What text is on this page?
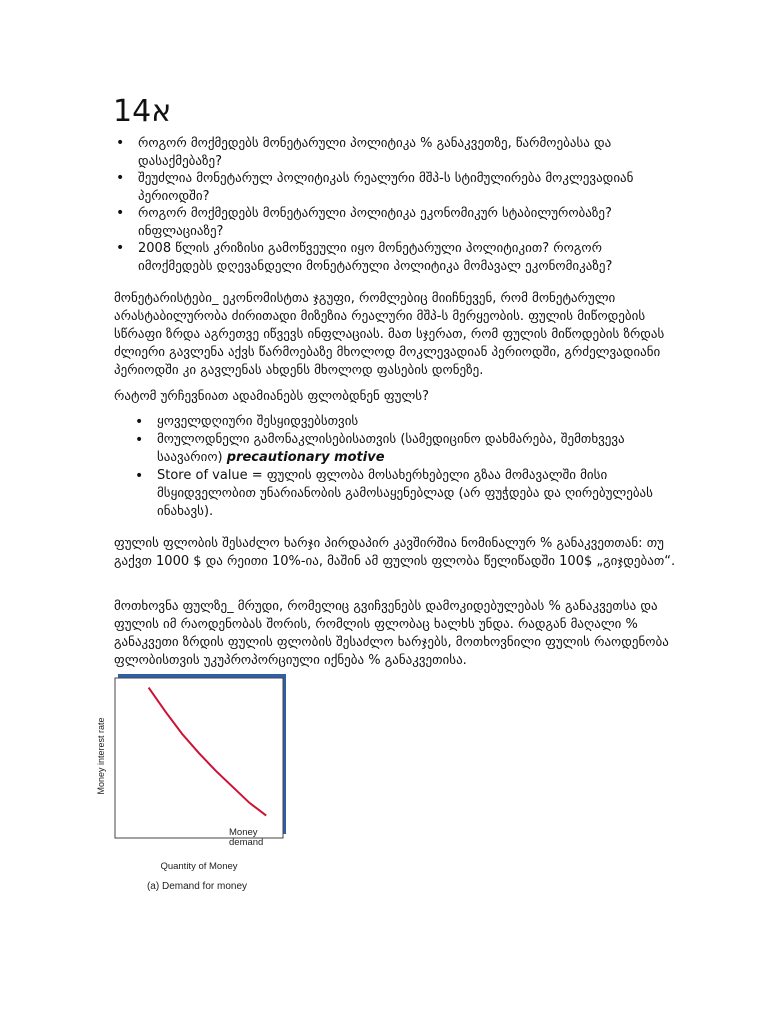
א14
• როგორ მოქმედებს მონეტარული პოლიტიკა % განაკვეთზე, წარმოებასა და დასაქმებაზე?
• შეუძლია მონეტარულ პოლიტიკას რეალური მშპ-ს სტიმულირება მოკლევადიან პერიოდში?
• როგორ მოქმედებს მონეტარული პოლიტიკა ეკონომიკურ სტაბილურობაზე? ინფლაციაზე?
• 2008 წლის კრიზისი გამოწვეული იყო მონეტარული პოლიტიკით? როგორ იმოქმედებს დღევანდელი მონეტარული პოლიტიკა მომავალ ეკონომიკაზე?

მონეტარისტები_ ეკონომისტთა ჯგუფი, რომლებიც მიიჩნევენ, რომ მონეტარული არასტაბილურობა ძირითადი მიზეზია რეალური მშპ-ს მერყეობის. ფულის მიწოდების სწრაფი ზრდა აგრეთვე იწვევს ინფლაციას. მათ სჯერათ, რომ ფულის მიწოდების ზრდას ძლიერი გავლენა აქვს წარმოებაზე მხოლოდ მოკლევადიან პერიოდში, გრძელვადიანი პერიოდში კი გავლენას ახდენს მხოლოდ ფასების დონეზე.

რატომ ურჩევნიათ ადამიანებს ფლობდნენ ფულს?

• ყოველდღიური შესყიდვებსთვის
• მოულოდნელი გამონაკლისებისათვის (სამედიცინო დახმარება, შემთხვევა საავარიო) precautionary motive
• Store of value = ფულის ფლობა მოსახერხებელი გზაა მომავალში მისი მსყიდველობით უნარიანობის გამოსაყენებლად (არ ფუჭდება და ღირებულებას ინახავს).

ფულის ფლობის შესაძლო ხარჯი პირდაპირ კავშირშია ნომინალურ % განაკვეთთან: თუ გაქვთ 1000 $ და რეითი 10%-ია, მაშინ ამ ფულის ფლობა წელიწადში 100$ „გიჯდებათ“.

მოთხოვნა ფულზე_ მრუდი, რომელიც გვიჩვენებს დამოკიდებულებას % განაკვეთსა და ფულის იმ რაოდენობას შორის, რომლის ფლობაც ხალხს უნდა. რადგან მაღალი % განაკვეთი ზრდის ფულის ფლობის შესაძლო ხარჯებს, მოთხოვნილი ფულის რაოდენობა ფლობისთვის უკუპროპორციული იქნება % განაკვეთისა.

Money interest rate
Quantity of Money
(a) Demand for money
Money demand
